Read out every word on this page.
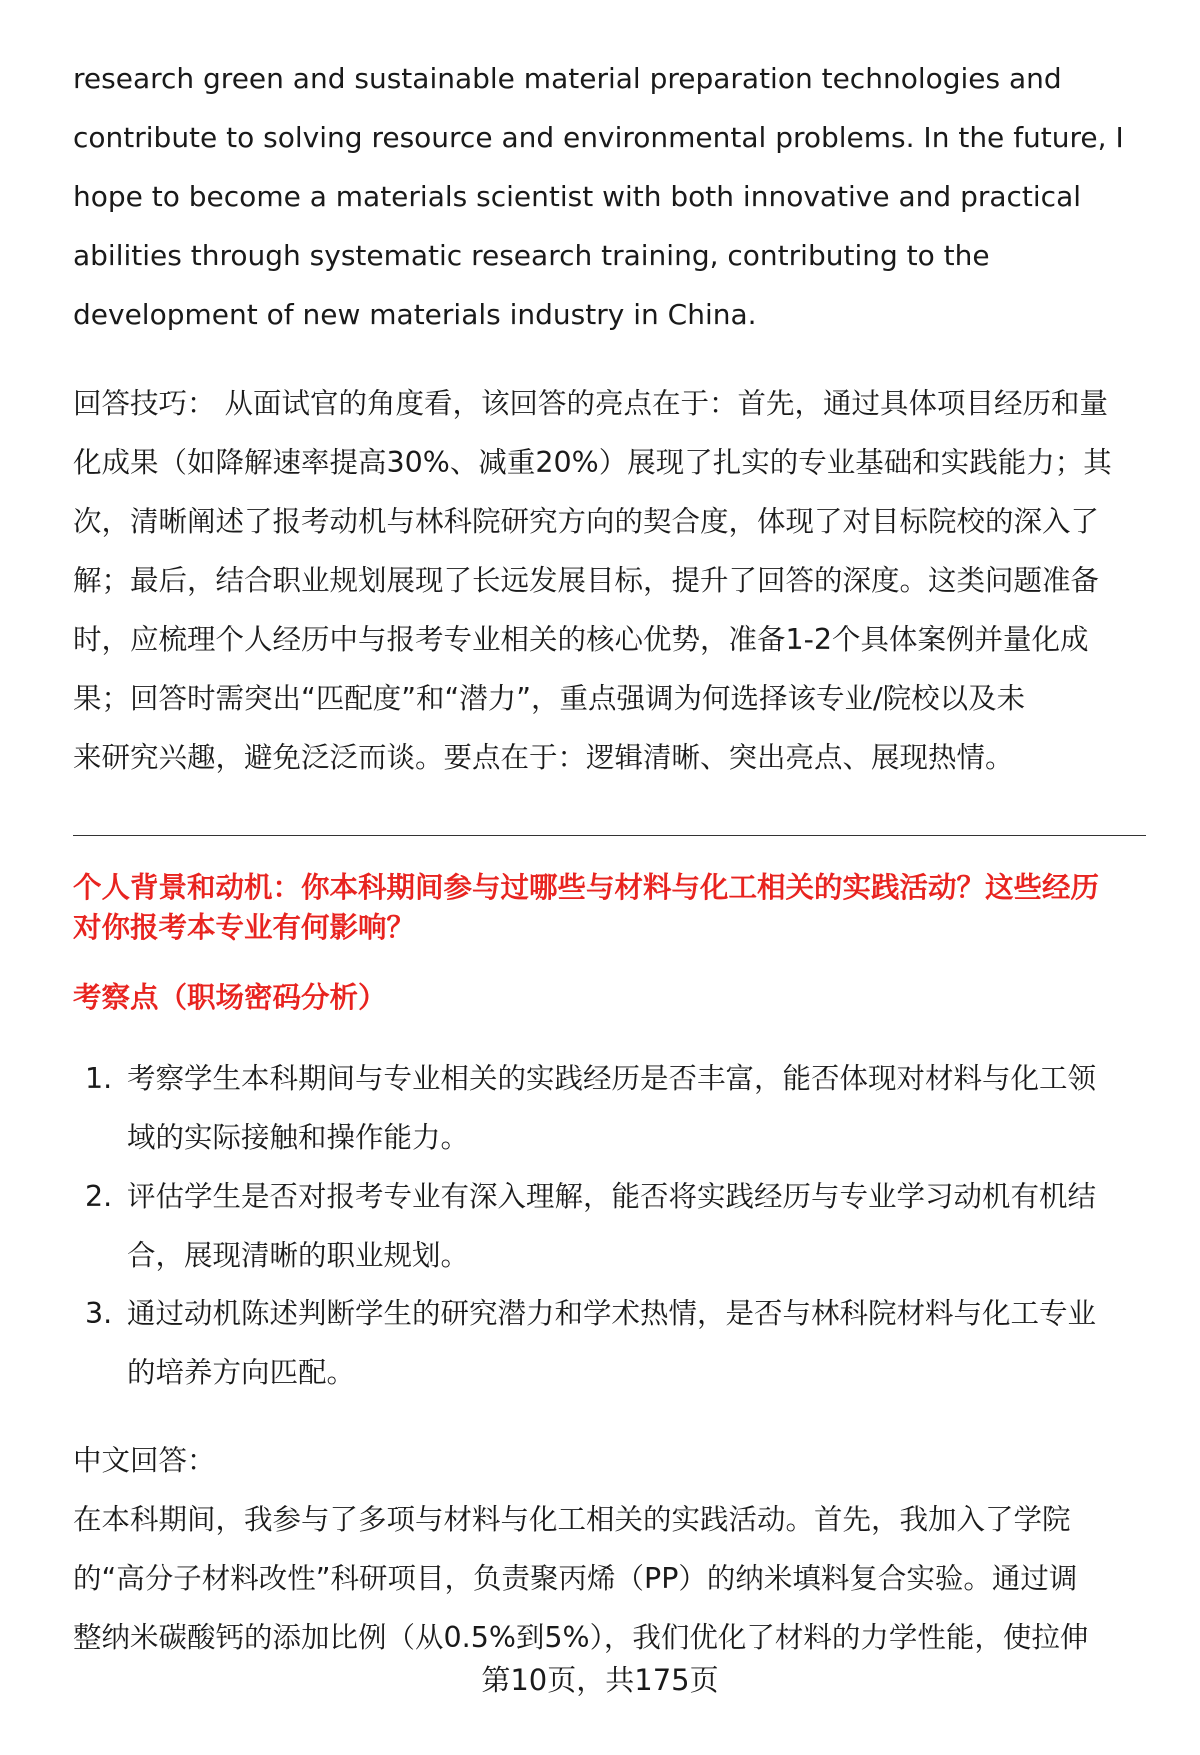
research green and sustainable material preparation technologies and
contribute to solving resource and environmental problems. In the future, I
hope to become a materials scientist with both innovative and practical
abilities through systematic research training, contributing to the
development of new materials industry in China.
回答技巧： 从面试官的角度看，该回答的亮点在于：首先，通过具体项目经历和量
化成果（如降解速率提高30%、减重20%）展现了扎实的专业基础和实践能力；其
次，清晰阐述了报考动机与林科院研究方向的契合度，体现了对目标院校的深入了
解；最后，结合职业规划展现了长远发展目标，提升了回答的深度。这类问题准备
时，应梳理个人经历中与报考专业相关的核心优势，准备1-2个具体案例并量化成
果；回答时需突出“匹配度”和“潜力”，重点强调为何选择该专业/院校以及未
来研究兴趣，避免泛泛而谈。要点在于：逻辑清晰、突出亮点、展现热情。
个人背景和动机：你本科期间参与过哪些与材料与化工相关的实践活动？这些经历
对你报考本专业有何影响？
考察点（职场密码分析）
1. 考察学生本科期间与专业相关的实践经历是否丰富，能否体现对材料与化工领
域的实际接触和操作能力。
2. 评估学生是否对报考专业有深入理解，能否将实践经历与专业学习动机有机结
合，展现清晰的职业规划。
3. 通过动机陈述判断学生的研究潜力和学术热情，是否与林科院材料与化工专业
的培养方向匹配。
中文回答：
在本科期间，我参与了多项与材料与化工相关的实践活动。首先，我加入了学院
的“高分子材料改性”科研项目，负责聚丙烯（PP）的纳米填料复合实验。通过调
整纳米碳酸钙的添加比例（从0.5%到5%），我们优化了材料的力学性能，使拉伸
第10页，共175页
